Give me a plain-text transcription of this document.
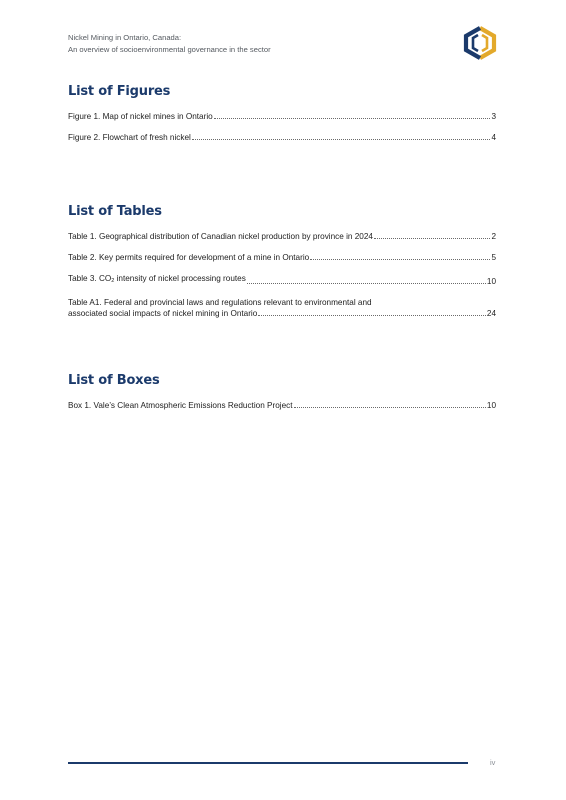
Nickel Mining in Ontario, Canada:
An overview of socioenvironmental governance in the sector
List of Figures
Figure 1. Map of nickel mines in Ontario	3
Figure 2. Flowchart of fresh nickel	4
List of Tables
Table 1. Geographical distribution of Canadian nickel production by province in 2024	2
Table 2. Key permits required for development of a mine in Ontario	5
Table 3. $CO_2$ intensity of nickel processing routes	10
Table A1. Federal and provincial laws and regulations relevant to environmental and
associated social impacts of nickel mining in Ontario	24
List of Boxes
Box 1. Vale’s Clean Atmospheric Emissions Reduction Project	10
iv
